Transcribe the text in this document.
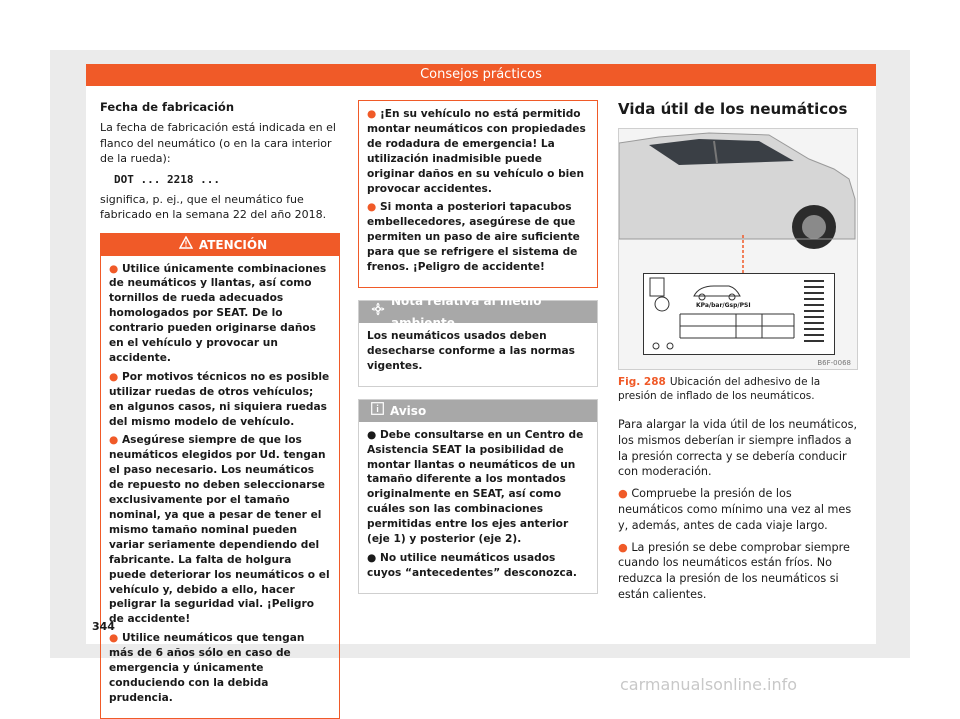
Consejos prácticos
Fecha de fabricación

La fecha de fabricación está indicada en el flanco del neumático (o en la cara interior de la rueda):

DOT ... 2218 ...

significa, p. ej., que el neumático fue fabricado en la semana 22 del año 2018.

ATENCIÓN

● Utilice únicamente combinaciones de neumáticos y llantas, así como tornillos de rueda adecuados homologados por SEAT. De lo contrario pueden originarse daños en el vehículo y provocar un accidente.

● Por motivos técnicos no es posible utilizar ruedas de otros vehículos; en algunos casos, ni siquiera ruedas del mismo modelo de vehículo.

● Asegúrese siempre de que los neumáticos elegidos por Ud. tengan el paso necesario. Los neumáticos de repuesto no deben seleccionarse exclusivamente por el tamaño nominal, ya que a pesar de tener el mismo tamaño nominal pueden variar seriamente dependiendo del fabricante. La falta de holgura puede deteriorar los neumáticos o el vehículo y, debido a ello, hacer peligrar la seguridad vial. ¡Peligro de accidente!

● Utilice neumáticos que tengan más de 6 años sólo en caso de emergencia y únicamente conduciendo con la debida prudencia.

● ¡En su vehículo no está permitido montar neumáticos con propiedades de rodadura de emergencia! La utilización inadmisible puede originar daños en su vehículo o bien provocar accidentes.

● Si monta a posteriori tapacubos embellecedores, asegúrese de que permiten un paso de aire suficiente para que se refrigere el sistema de frenos. ¡Peligro de accidente!

Nota relativa al medio ambiente

Los neumáticos usados deben desecharse conforme a las normas vigentes.

Aviso

● Debe consultarse en un Centro de Asistencia SEAT la posibilidad de montar llantas o neumáticos de un tamaño diferente a los montados originalmente en SEAT, así como cuáles son las combinaciones permitidas entre los ejes anterior (eje 1) y posterior (eje 2).

● No utilice neumáticos usados cuyos “antecedentes” desconozca.

Vida útil de los neumáticos
KPa/bar/Gsp/PSI
B6F-0068
Fig. 288 Ubicación del adhesivo de la presión de inflado de los neumáticos.

Para alargar la vida útil de los neumáticos, los mismos deberían ir siempre inflados a la presión correcta y se debería conducir con moderación.

● Compruebe la presión de los neumáticos como mínimo una vez al mes y, además, antes de cada viaje largo.

● La presión se debe comprobar siempre cuando los neumáticos están fríos. No reduzca la presión de los neumáticos si están calientes.

344
carmanualsonline.info
